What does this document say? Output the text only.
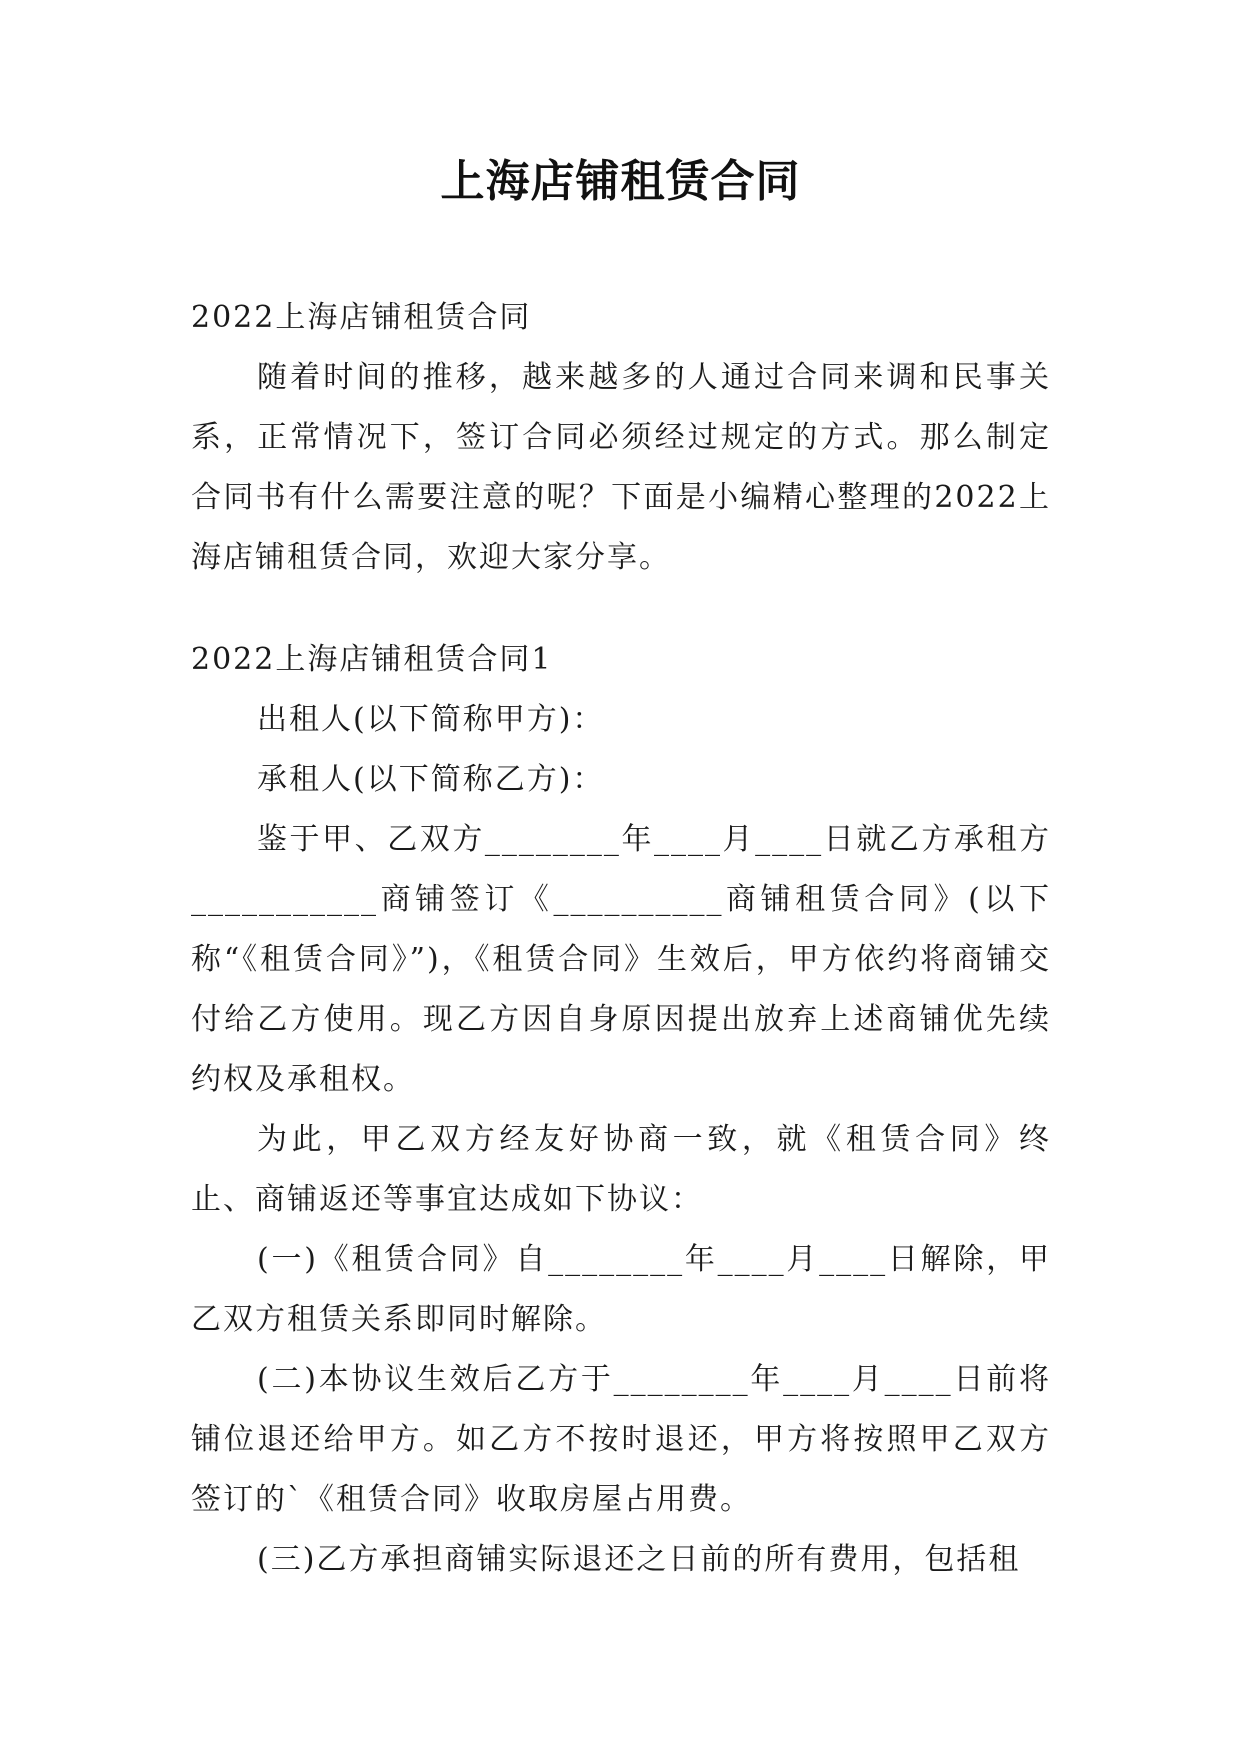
上海店铺租赁合同

2022上海店铺租赁合同

随着时间的推移，越来越多的人通过合同来调和民事关系，正常情况下，签订合同必须经过规定的方式。那么制定合同书有什么需要注意的呢？下面是小编精心整理的2022上海店铺租赁合同，欢迎大家分享。

2022上海店铺租赁合同1

出租人(以下简称甲方)：

承租人(以下简称乙方)：

鉴于甲、乙双方________年____月____日就乙方承租方___________商铺签订《__________商铺租赁合同》(以下称“《租赁合同》”)，《租赁合同》生效后，甲方依约将商铺交付给乙方使用。现乙方因自身原因提出放弃上述商铺优先续约权及承租权。

为此，甲乙双方经友好协商一致，就《租赁合同》终止、商铺返还等事宜达成如下协议：

(一)《租赁合同》自________年____月____日解除，甲乙双方租赁关系即同时解除。

(二)本协议生效后乙方于________年____月____日前将铺位退还给甲方。如乙方不按时退还，甲方将按照甲乙双方签订的`《租赁合同》收取房屋占用费。

(三)乙方承担商铺实际退还之日前的所有费用，包括租
